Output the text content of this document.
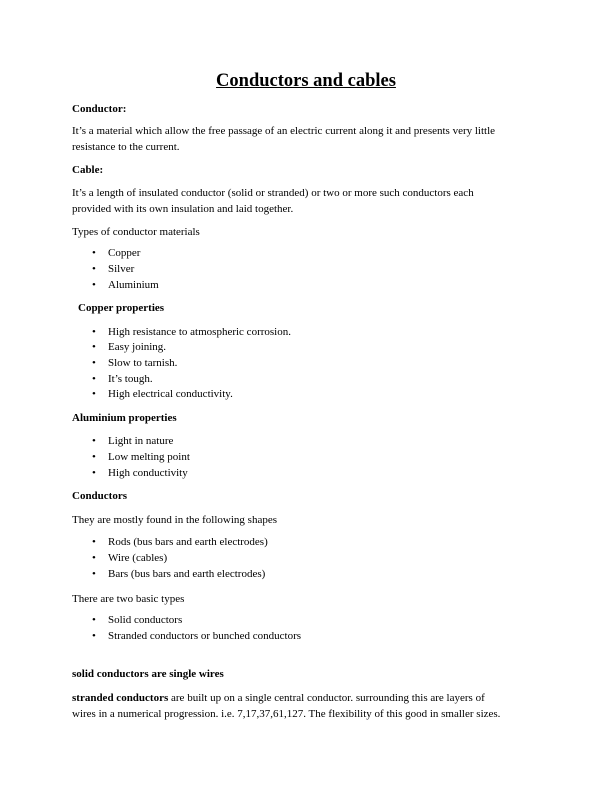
Conductors and cables
Conductor:
It’s a material which allow the free passage of an electric current along it and presents very little
resistance to the current.
Cable:
It’s a length of insulated conductor (solid or stranded) or two or more such conductors each
provided with its own insulation and laid together.
Types of conductor materials
• Copper
• Silver
• Aluminium
Copper properties
• High resistance to atmospheric corrosion.
• Easy joining.
• Slow to tarnish.
• It’s tough.
• High electrical conductivity.
Aluminium properties
• Light in nature
• Low melting point
• High conductivity
Conductors
They are mostly found in the following shapes
• Rods (bus bars and earth electrodes)
• Wire (cables)
• Bars (bus bars and earth electrodes)
There are two basic types
• Solid conductors
• Stranded conductors or bunched conductors
solid conductors are single wires
stranded conductors are built up on a single central conductor. surrounding this are layers of
wires in a numerical progression. i.e. 7,17,37,61,127. The flexibility of this good in smaller sizes.
